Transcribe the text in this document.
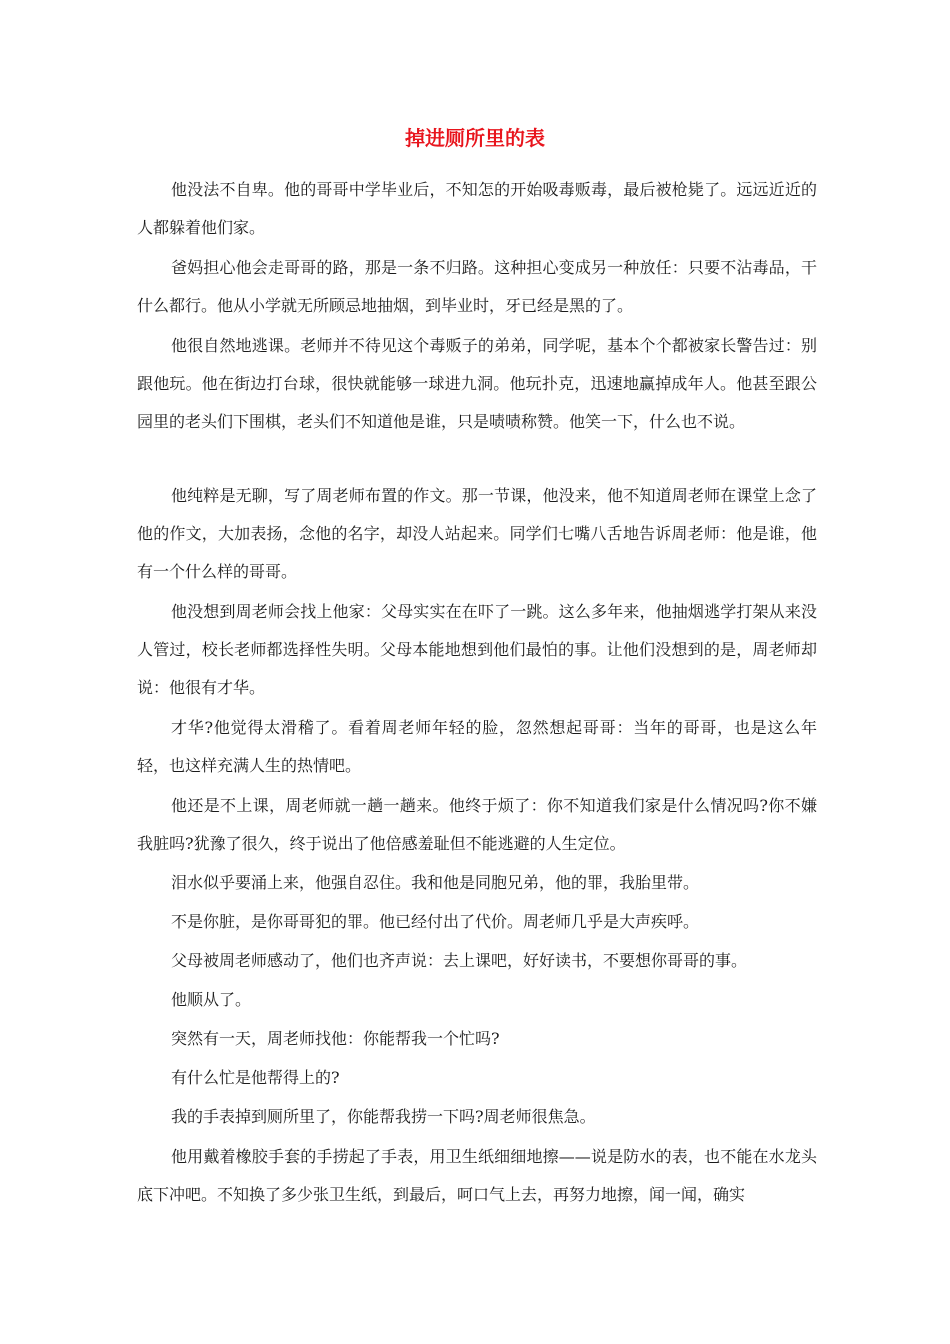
掉进厕所里的表

他没法不自卑。他的哥哥中学毕业后，不知怎的开始吸毒贩毒，最后被枪毙了。远远近近的人都躲着他们家。

爸妈担心他会走哥哥的路，那是一条不归路。这种担心变成另一种放任：只要不沾毒品，干什么都行。他从小学就无所顾忌地抽烟，到毕业时，牙已经是黑的了。

他很自然地逃课。老师并不待见这个毒贩子的弟弟，同学呢，基本个个都被家长警告过：别跟他玩。他在街边打台球，很快就能够一球进九洞。他玩扑克，迅速地赢掉成年人。他甚至跟公园里的老头们下围棋，老头们不知道他是谁，只是啧啧称赞。他笑一下，什么也不说。

他纯粹是无聊，写了周老师布置的作文。那一节课，他没来，他不知道周老师在课堂上念了他的作文，大加表扬，念他的名字，却没人站起来。同学们七嘴八舌地告诉周老师：他是谁，他有一个什么样的哥哥。

他没想到周老师会找上他家：父母实实在在吓了一跳。这么多年来，他抽烟逃学打架从来没人管过，校长老师都选择性失明。父母本能地想到他们最怕的事。让他们没想到的是，周老师却说：他很有才华。

才华?他觉得太滑稽了。看着周老师年轻的脸，忽然想起哥哥：当年的哥哥，也是这么年轻，也这样充满人生的热情吧。

他还是不上课，周老师就一趟一趟来。他终于烦了：你不知道我们家是什么情况吗?你不嫌我脏吗?犹豫了很久，终于说出了他倍感羞耻但不能逃避的人生定位。

泪水似乎要涌上来，他强自忍住。我和他是同胞兄弟，他的罪，我胎里带。

不是你脏，是你哥哥犯的罪。他已经付出了代价。周老师几乎是大声疾呼。

父母被周老师感动了，他们也齐声说：去上课吧，好好读书，不要想你哥哥的事。

他顺从了。

突然有一天，周老师找他：你能帮我一个忙吗?

有什么忙是他帮得上的?

我的手表掉到厕所里了，你能帮我捞一下吗?周老师很焦急。

他用戴着橡胶手套的手捞起了手表，用卫生纸细细地擦——说是防水的表，也不能在水龙头底下冲吧。不知换了多少张卫生纸，到最后，呵口气上去，再努力地擦，闻一闻，确实
